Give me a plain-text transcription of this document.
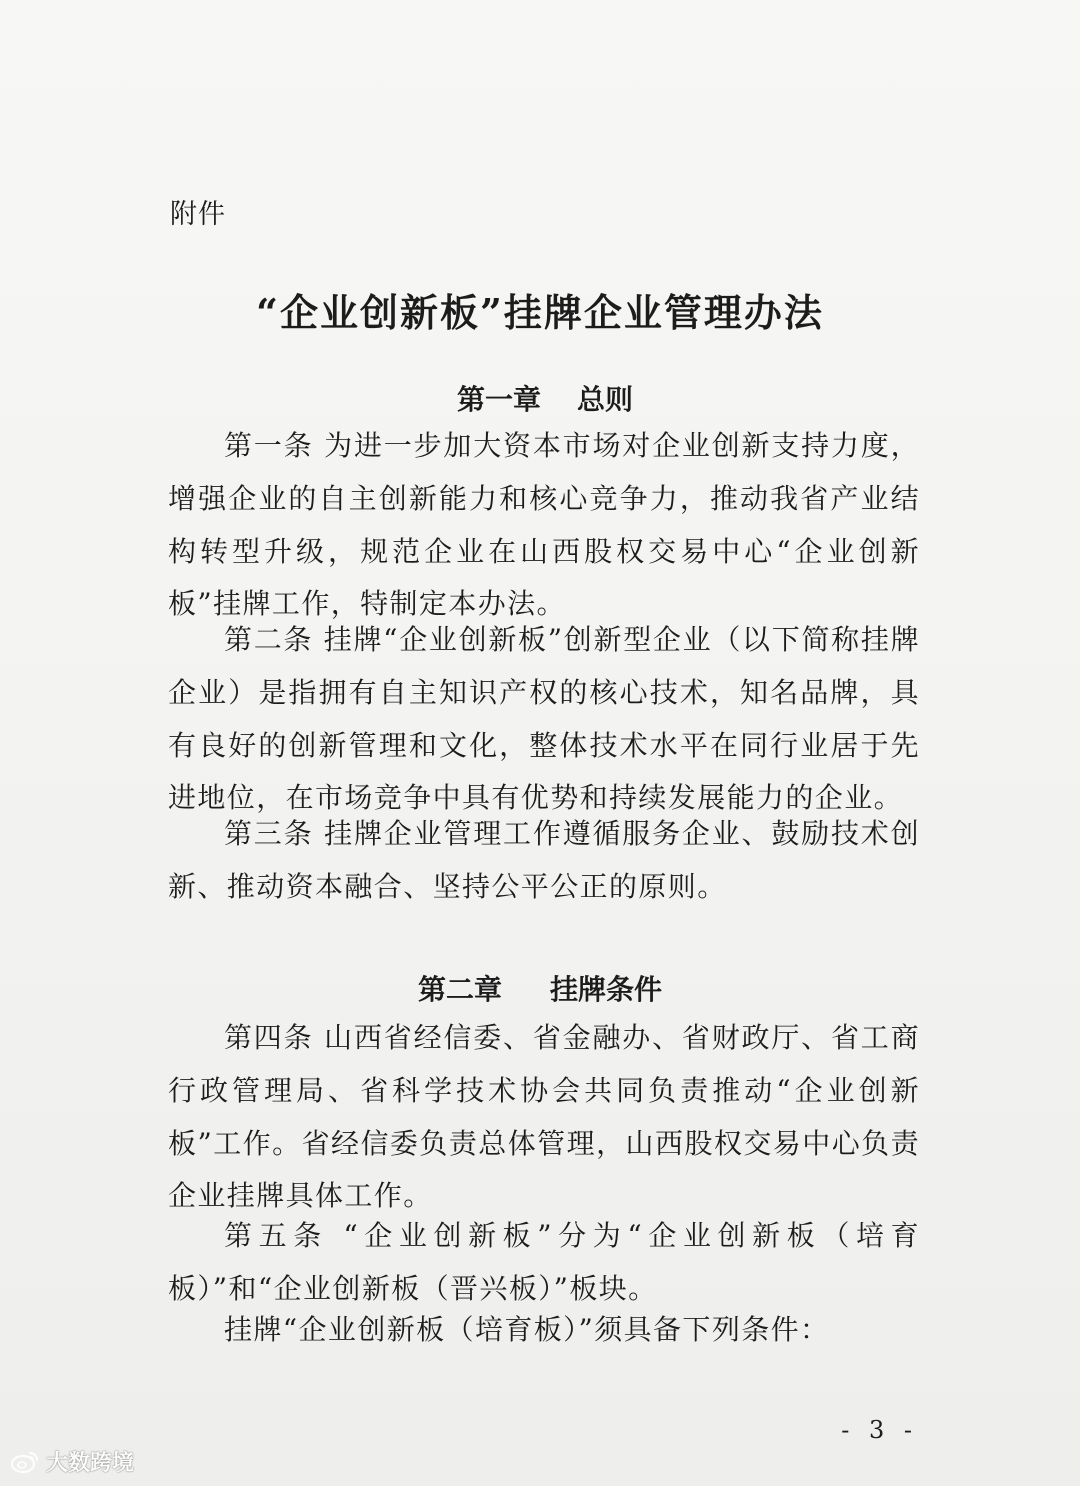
附件
“企业创新板”挂牌企业管理办法
第一章 总则

第一条 为进一步加大资本市场对企业创新支持力度，增强企业的自主创新能力和核心竞争力，推动我省产业结构转型升级，规范企业在山西股权交易中心“企业创新板”挂牌工作，特制定本办法。

第二条 挂牌“企业创新板”创新型企业（以下简称挂牌企业）是指拥有自主知识产权的核心技术，知名品牌，具有良好的创新管理和文化，整体技术水平在同行业居于先进地位，在市场竞争中具有优势和持续发展能力的企业。

第三条 挂牌企业管理工作遵循服务企业、鼓励技术创新、推动资本融合、坚持公平公正的原则。

第二章 挂牌条件

第四条 山西省经信委、省金融办、省财政厅、省工商行政管理局、省科学技术协会共同负责推动“企业创新板”工作。省经信委负责总体管理，山西股权交易中心负责企业挂牌具体工作。

第五条 “企业创新板”分为“企业创新板（培育板）”和“企业创新板（晋兴板）”板块。

挂牌“企业创新板（培育板）”须具备下列条件：

- 3 -
大数跨境
